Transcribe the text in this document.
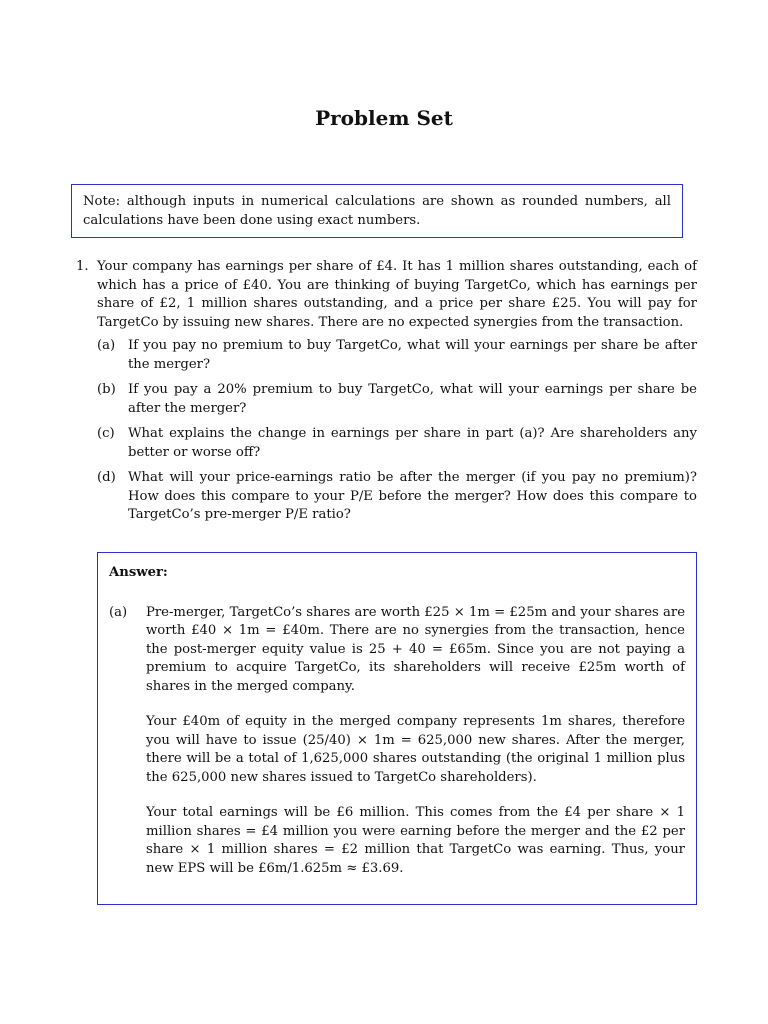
Problem Set
Note: although inputs in numerical calculations are shown as rounded numbers, all calculations have been done using exact numbers.
1. Your company has earnings per share of £4. It has 1 million shares outstanding, each of which has a price of £40. You are thinking of buying TargetCo, which has earnings per share of £2, 1 million shares outstanding, and a price per share £25. You will pay for TargetCo by issuing new shares. There are no expected synergies from the transaction.
(a) If you pay no premium to buy TargetCo, what will your earnings per share be after the merger?
(b) If you pay a 20% premium to buy TargetCo, what will your earnings per share be after the merger?
(c)	What explains the change in earnings per share in part (a)? Are shareholders any better or worse off?
(d) What will your price-earnings ratio be after the merger (if you pay no premium)? How does this compare to your P/E before the merger? How does this compare to TargetCo’s pre-merger P/E ratio?
Answer:
(a)	Pre-merger, TargetCo’s shares are worth £25 × 1m = £25m and your shares are worth £40 × 1m = £40m. There are no synergies from the transaction, hence the post-merger equity value is 25 + 40 = £65m. Since you are not paying a premium to acquire TargetCo, its shareholders will receive £25m worth of shares in the merged company.

Your £40m of equity in the merged company represents 1m shares, therefore you will have to issue (25/40) × 1m = 625,000 new shares. After the merger, there will be a total of 1,625,000 shares outstanding (the original 1 million plus the 625,000 new shares issued to TargetCo shareholders).

Your total earnings will be £6 million. This comes from the £4 per share × 1 million shares = £4 million you were earning before the merger and the £2 per share × 1 million shares = £2 million that TargetCo was earning. Thus, your new EPS will be £6m/1.625m ≈ £3.69.
